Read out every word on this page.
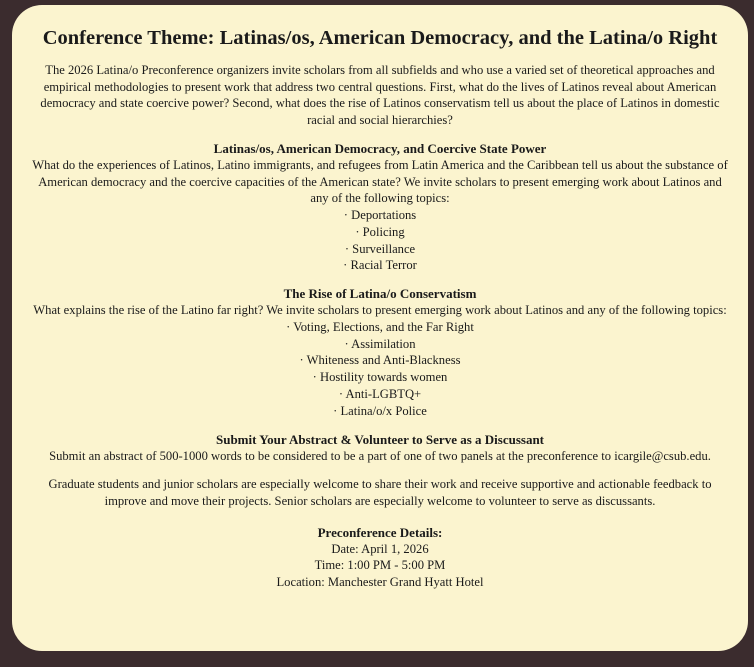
Conference Theme: Latinas/os, American Democracy, and the Latina/o Right

The 2026 Latina/o Preconference organizers invite scholars from all subfields and who use a varied set of theoretical approaches and empirical methodologies to present work that address two central questions. First, what do the lives of Latinos reveal about American democracy and state coercive power? Second, what does the rise of Latinos conservatism tell us about the place of Latinos in domestic racial and social hierarchies?

Latinas/os, American Democracy, and Coercive State Power

What do the experiences of Latinos, Latino immigrants, and refugees from Latin America and the Caribbean tell us about the substance of American democracy and the coercive capacities of the American state? We invite scholars to present emerging work about Latinos and any of the following topics:

· Deportations
· Policing
· Surveillance
· Racial Terror
The Rise of Latina/o Conservatism

What explains the rise of the Latino far right? We invite scholars to present emerging work about Latinos and any of the following topics:

· Voting, Elections, and the Far Right
· Assimilation
· Whiteness and Anti-Blackness
· Hostility towards women
· Anti-LGBTQ+
· Latina/o/x Police
Submit Your Abstract & Volunteer to Serve as a Discussant

Submit an abstract of 500-1000 words to be considered to be a part of one of two panels at the preconference to icargile@csub.edu.

Graduate students and junior scholars are especially welcome to share their work and receive supportive and actionable feedback to improve and move their projects. Senior scholars are especially welcome to volunteer to serve as discussants.

Preconference Details:

Date: April 1, 2026

Time: 1:00 PM - 5:00 PM

Location: Manchester Grand Hyatt Hotel
